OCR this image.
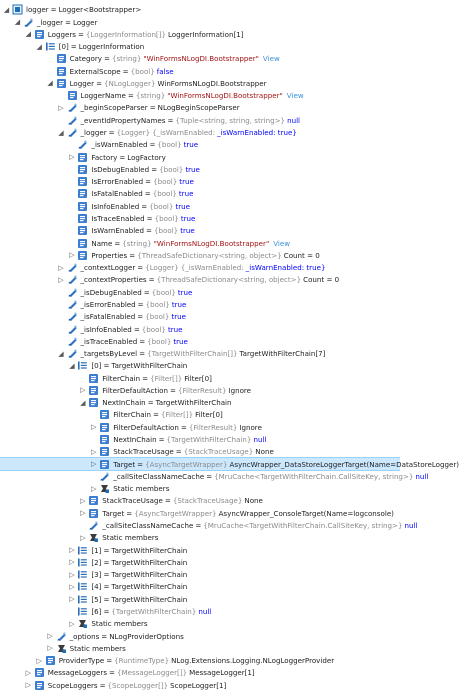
◢ logger = Logger<Bootstrapper>
◢ _logger = Logger
◢ Loggers = {LoggerInformation[]} LoggerInformation[1]
◢ [0] = LoggerInformation
Category = {string} "WinFormsNLogDI.Bootstrapper" View
ExternalScope = {bool} false
◢ Logger = {NLogLogger} WinFormsNLogDI.Bootstrapper
LoggerName = {string} "WinFormsNLogDI.Bootstrapper" View
▷ _beginScopeParser = NLogBeginScopeParser
_eventIdPropertyNames = {Tuple<string, string, string>} null
◢ _logger = {Logger} {_isWarnEnabled: _isWarnEnabled: true}
_isWarnEnabled = {bool} true
▷ Factory = LogFactory
IsDebugEnabled = {bool} true
IsErrorEnabled = {bool} true
IsFatalEnabled = {bool} true
IsInfoEnabled = {bool} true
IsTraceEnabled = {bool} true
IsWarnEnabled = {bool} true
Name = {string} "WinFormsNLogDI.Bootstrapper" View
▷ Properties = {ThreadSafeDictionary<string, object>} Count = 0
▷ _contextLogger = {Logger} {_isWarnEnabled: _isWarnEnabled: true}
▷ _contextProperties = {ThreadSafeDictionary<string, object>} Count = 0
_isDebugEnabled = {bool} true
_isErrorEnabled = {bool} true
_isFatalEnabled = {bool} true
_isInfoEnabled = {bool} true
_isTraceEnabled = {bool} true
◢ _targetsByLevel = {TargetWithFilterChain[]} TargetWithFilterChain[7]
◢ [0] = TargetWithFilterChain
FilterChain = {Filter[]} Filter[0]
▷ FilterDefaultAction = {FilterResult} Ignore
◢ NextInChain = TargetWithFilterChain
FilterChain = {Filter[]} Filter[0]
▷ FilterDefaultAction = {FilterResult} Ignore
NextInChain = {TargetWithFilterChain} null
▷ StackTraceUsage = {StackTraceUsage} None
▷ Target = {AsyncTargetWrapper} AsyncWrapper_DataStoreLoggerTarget(Name=DataStoreLogger)
_callSiteClassNameCache = {MruCache<TargetWithFilterChain.CallSiteKey, string>} null
▷ Static members
▷ StackTraceUsage = {StackTraceUsage} None
▷ Target = {AsyncTargetWrapper} AsyncWrapper_ConsoleTarget(Name=logconsole)
_callSiteClassNameCache = {MruCache<TargetWithFilterChain.CallSiteKey, string>} null
▷ Static members
▷ [1] = TargetWithFilterChain
▷ [2] = TargetWithFilterChain
▷ [3] = TargetWithFilterChain
▷ [4] = TargetWithFilterChain
▷ [5] = TargetWithFilterChain
[6] = {TargetWithFilterChain} null
▷ Static members
▷ _options = NLogProviderOptions
▷ Static members
▷ ProviderType = {RuntimeType} NLog.Extensions.Logging.NLogLoggerProvider
▷ MessageLoggers = {MessageLogger[]} MessageLogger[1]
▷ ScopeLoggers = {ScopeLogger[]} ScopeLogger[1]
